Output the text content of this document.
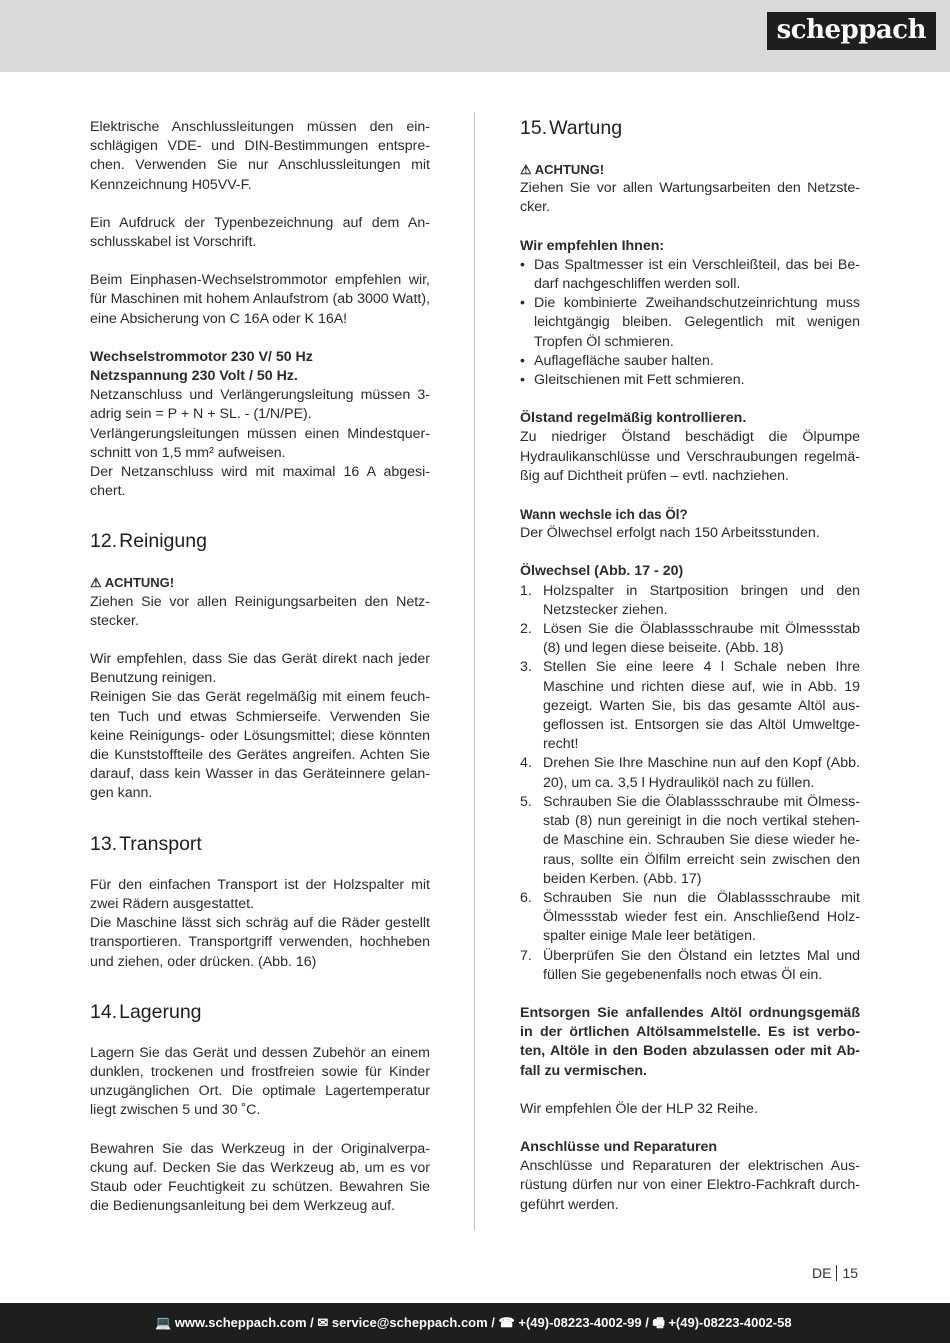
scheppach

Elektrische Anschlussleitungen müssen den einschlägigen VDE- und DIN-Bestimmungen entsprechen. Verwenden Sie nur Anschlussleitungen mit Kennzeichnung H05VV-F.

Ein Aufdruck der Typenbezeichnung auf dem Anschlusskabel ist Vorschrift.

Beim Einphasen-Wechselstrommotor empfehlen wir, für Maschinen mit hohem Anlaufstrom (ab 3000 Watt), eine Absicherung von C 16A oder K 16A!

Wechselstrommotor 230 V/ 50 Hz
Netzspannung 230 Volt / 50 Hz.
Netzanschluss und Verlängerungsleitung müssen 3-adrig sein = P + N + SL. - (1/N/PE).
Verlängerungsleitungen müssen einen Mindestquerschnitt von 1,5 mm² aufweisen.
Der Netzanschluss wird mit maximal 16 A abgesichert.

12. Reinigung

⚠ ACHTUNG!
Ziehen Sie vor allen Reinigungsarbeiten den Netzstecker.

Wir empfehlen, dass Sie das Gerät direkt nach jeder Benutzung reinigen.
Reinigen Sie das Gerät regelmäßig mit einem feuchten Tuch und etwas Schmierseife. Verwenden Sie keine Reinigungs- oder Lösungsmittel; diese könnten die Kunststoffteile des Gerätes angreifen. Achten Sie darauf, dass kein Wasser in das Geräteinnere gelangen kann.

13. Transport

Für den einfachen Transport ist der Holzspalter mit zwei Rädern ausgestattet.
Die Maschine lässt sich schräg auf die Räder gestellt transportieren. Transportgriff verwenden, hochheben und ziehen, oder drücken. (Abb. 16)

14. Lagerung

Lagern Sie das Gerät und dessen Zubehör an einem dunklen, trockenen und frostfreien sowie für Kinder unzugänglichen Ort. Die optimale Lagertemperatur liegt zwischen 5 und 30 ˚C.

Bewahren Sie das Werkzeug in der Originalverpackung auf. Decken Sie das Werkzeug ab, um es vor Staub oder Feuchtigkeit zu schützen. Bewahren Sie die Bedienungsanleitung bei dem Werkzeug auf.

15. Wartung

⚠ ACHTUNG!
Ziehen Sie vor allen Wartungsarbeiten den Netzstecker.

Wir empfehlen Ihnen:
• Das Spaltmesser ist ein Verschleißteil, das bei Bedarf nachgeschliffen werden soll.
• Die kombinierte Zweihandschutzeinrichtung muss leichtgängig bleiben. Gelegentlich mit wenigen Tropfen Öl schmieren.
• Auflagefläche sauber halten.
• Gleitschienen mit Fett schmieren.

Ölstand regelmäßig kontrollieren.
Zu niedriger Ölstand beschädigt die Ölpumpe Hydraulikanschlüsse und Verschraubungen regelmäßig auf Dichtheit prüfen – evtl. nachziehen.

Wann wechsle ich das Öl?
Der Ölwechsel erfolgt nach 150 Arbeitsstunden.

Ölwechsel (Abb. 17 - 20)
1. Holzspalter in Startposition bringen und den Netzstecker ziehen.
2. Lösen Sie die Ölablassschraube mit Ölmessstab (8) und legen diese beiseite. (Abb. 18)
3. Stellen Sie eine leere 4 l Schale neben Ihre Maschine und richten diese auf, wie in Abb. 19 gezeigt. Warten Sie, bis das gesamte Altöl ausgeflossen ist. Entsorgen sie das Altöl Umweltgerecht!
4. Drehen Sie Ihre Maschine nun auf den Kopf (Abb. 20), um ca. 3,5 l Hydrauliköl nach zu füllen.
5. Schrauben Sie die Ölablassschraube mit Ölmessstab (8) nun gereinigt in die noch vertikal stehende Maschine ein. Schrauben Sie diese wieder heraus, sollte ein Ölfilm erreicht sein zwischen den beiden Kerben. (Abb. 17)
6. Schrauben Sie nun die Ölablassschraube mit Ölmessstab wieder fest ein. Anschließend Holzspalter einige Male leer betätigen.
7. Überprüfen Sie den Ölstand ein letztes Mal und füllen Sie gegebenenfalls noch etwas Öl ein.

Entsorgen Sie anfallendes Altöl ordnungsgemäß in der örtlichen Altölsammelstelle. Es ist verboten, Altöle in den Boden abzulassen oder mit Abfall zu vermischen.

Wir empfehlen Öle der HLP 32 Reihe.

Anschlüsse und Reparaturen
Anschlüsse und Reparaturen der elektrischen Ausrüstung dürfen nur von einer Elektro-Fachkraft durchgeführt werden.

DE 15
💻 www.scheppach.com / ✉ service@scheppach.com / ☎ +(49)-08223-4002-99 / 🖷 +(49)-08223-4002-58
